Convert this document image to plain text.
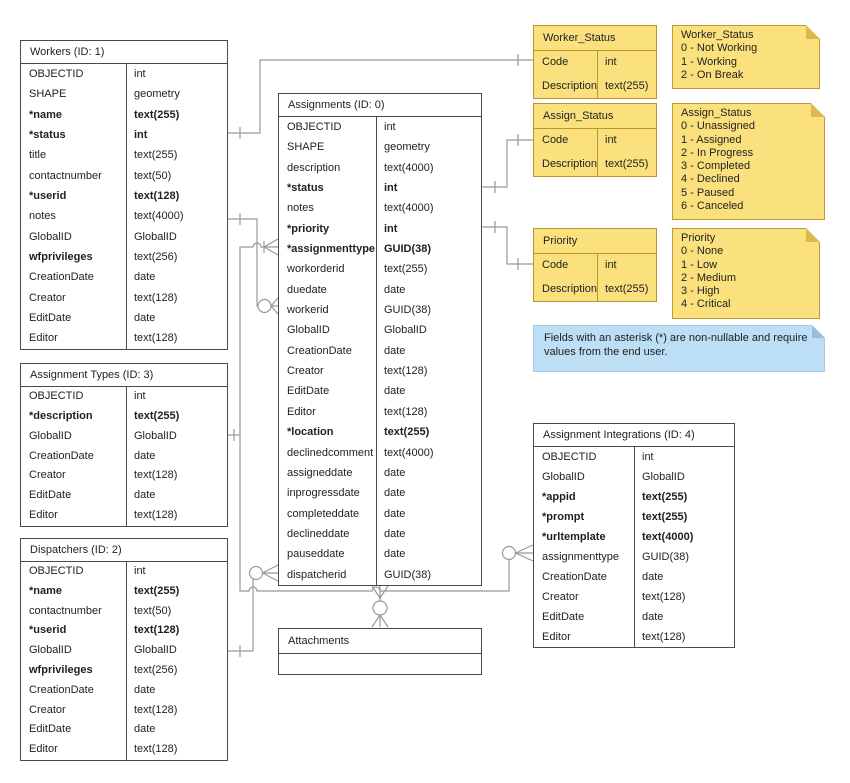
Workers (ID: 1)
OBJECTID	int
SHAPE	geometry
*name	text(255)
*status	int
title	text(255)
contactnumber	text(50)
*userid	text(128)
notes	text(4000)
GlobalID	GlobalID
wfprivileges	text(256)
CreationDate	date
Creator	text(128)
EditDate	date
Editor	text(128)
Assignment Types (ID: 3)
OBJECTID	int
*description	text(255)
GlobalID	GlobalID
CreationDate	date
Creator	text(128)
EditDate	date
Editor	text(128)
Dispatchers (ID: 2)
OBJECTID	int
*name	text(255)
contactnumber	text(50)
*userid	text(128)
GlobalID	GlobalID
wfprivileges	text(256)
CreationDate	date
Creator	text(128)
EditDate	date
Editor	text(128)
Assignments (ID: 0)
OBJECTID	int
SHAPE	geometry
description	text(4000)
*status	int
notes	text(4000)
*priority	int
*assignmenttype GUID(38)
workorderid	text(255)
duedate	date
workerid	GUID(38)
GlobalID	GlobalID
CreationDate	date
Creator	text(128)
EditDate	date
Editor	text(128)
*location	text(255)
declinedcomment text(4000)
assigneddate	date
inprogressdate	date
completeddate	date
declineddate	date
pauseddate	date
dispatcherid	GUID(38)
Assignment Integrations (ID: 4)
OBJECTID	int
GlobalID	GlobalID
*appid	text(255)
*prompt	text(255)
*urltemplate	text(4000)
assignmenttype	GUID(38)
CreationDate	date
Creator	text(128)
EditDate	date
Editor	text(128)
Attachments
Worker_Status
Code	int
Description text(255)
Assign_Status
Code	int
Description text(255)
Priority
Code	int
Description text(255)
Worker_Status
0 - Not Working
1 - Working
2 - On Break
Assign_Status
0 - Unassigned
1 - Assigned
2 - In Progress
3 - Completed
4 - Declined
5 - Paused
6 - Canceled
Priority
0 - None
1 - Low
2 - Medium
3 - High
4 - Critical
Fields with an asterisk (*) are non-nullable and require values from the end user.
